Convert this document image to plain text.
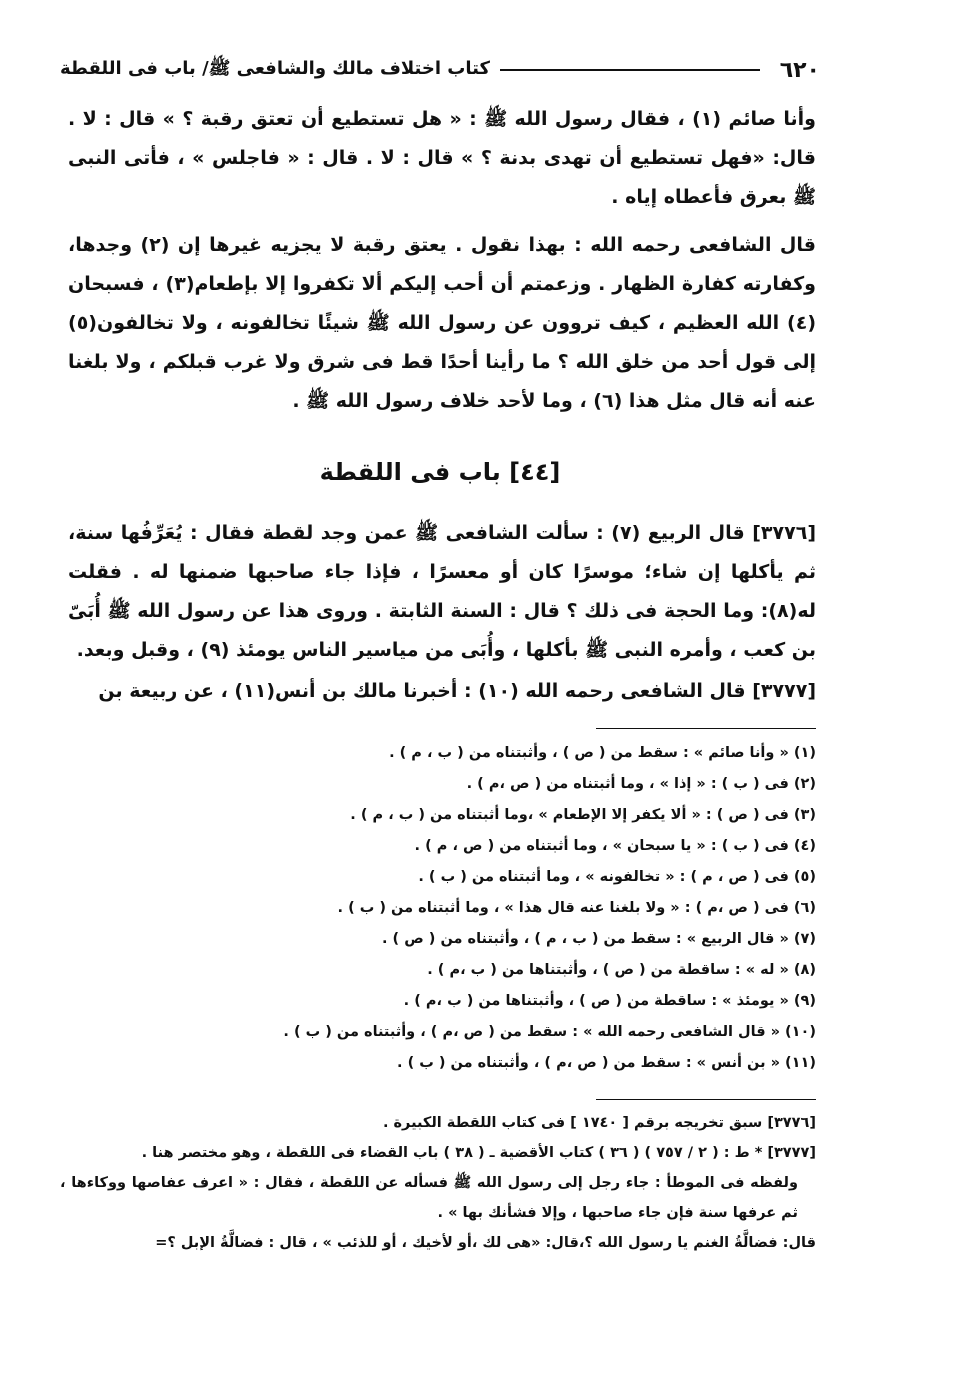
٦٢٠
كتاب اختلاف مالك والشافعى ﷺ/ باب فى اللقطة

وأنا صائم (١) ، فقال رسول الله ﷺ : « هل تستطيع أن تعتق رقبة ؟ » قال : لا . قال: «فهل تستطيع أن تهدى بدنة ؟ » قال : لا . قال : « فاجلس » ، فأتى النبى ﷺ بعرق فأعطاه إياه .

قال الشافعى رحمه الله : بهذا نقول . يعتق رقبة لا يجزيه غيرها إن (٢) وجدها، وكفارته كفارة الظهار . وزعمتم أن أحب إليكم ألا تكفروا إلا بإطعام(٣) ، فسبحان (٤) الله العظيم ، كيف تروون عن رسول الله ﷺ شيئًا تخالفونه ، ولا تخالفون(٥) إلى قول أحد من خلق الله ؟ ما رأينا أحدًا قط فى شرق ولا غرب قبلكم ، ولا بلغنا عنه أنه قال مثل هذا (٦) ، وما لأحد خلاف رسول الله ﷺ .

[٤٤] باب فى اللقطة

[٣٧٧٦] قال الربيع (٧) : سألت الشافعى ﷺ عمن وجد لقطة فقال : يُعَرِّفُها سنة، ثم يأكلها إن شاء؛ موسرًا كان أو معسرًا ، فإذا جاء صاحبها ضمنها له . فقلت له(٨): وما الحجة فى ذلك ؟ قال : السنة الثابتة . وروى هذا عن رسول الله ﷺ أُبَىّ بن كعب ، وأمره النبى ﷺ بأكلها ، وأُبَى من مياسير الناس يومئذ (٩) ، وقبل وبعد.

[٣٧٧٧] قال الشافعى رحمه الله (١٠) : أخبرنا مالك بن أنس(١١) ، عن ربيعة بن

(١) « وأنا صائم » : سقط من ( ص ) ، وأثبتناه من ( ب ، م ) .
(٢) فى ( ب ) : « إذا » ، وما أثبتناه من ( ص ،م ) .
(٣) فى ( ص ) : « ألا يكفر إلا الإطعام » ،وما أثبتناه من ( ب ، م ) .
(٤) فى ( ب ) : « يا سبحان » ، وما أثبتناه من ( ص ، م ) .
(٥) فى ( ص ، م ) : « تخالفونه » ، وما أثبتناه من ( ب ) .
(٦) فى ( ص ،م ) : « ولا بلغنا عنه قال هذا » ، وما أثبتناه من ( ب ) .
(٧) « قال الربيع » : سقط من ( ب ، م ) ، وأثبتناه من ( ص ) .
(٨) « له » : ساقطة من ( ص ) ، وأثبتناها من ( ب ،م ) .
(٩) « يومئذ » : ساقطة من ( ص ) ، وأثبتناها من ( ب ،م ) .
(١٠) « قال الشافعى رحمه الله » : سقط من ( ص ،م ) ، وأثبتناه من ( ب ) .
(١١) « بن أنس » : سقط من ( ص ،م ) ، وأثبتناه من ( ب ) .
[٣٧٧٦] سبق تخريجه برقم [ ١٧٤٠ ] فى كتاب اللقطة الكبيرة .
[٣٧٧٧] * ط : ( ٢ / ٧٥٧ ) ( ٣٦ ) كتاب الأقضية ـ ( ٣٨ ) باب القضاء فى اللقطة ، وهو مختصر هنا .
ولفظه فى الموطأ : جاء رجل إلى رسول الله ﷺ فسأله عن اللقطة ، فقال : « اعرف عفاصها ووكاءها ، ثم عرفها سنة فإن جاء صاحبها ، وإلا فشأنك بها » .
قال: فضالَّةُ الغنم يا رسول الله ؟،قال: «هى لك ،أو لأخيك ، أو للذئب » ، قال : فضالَّةُ الإبل ؟=
